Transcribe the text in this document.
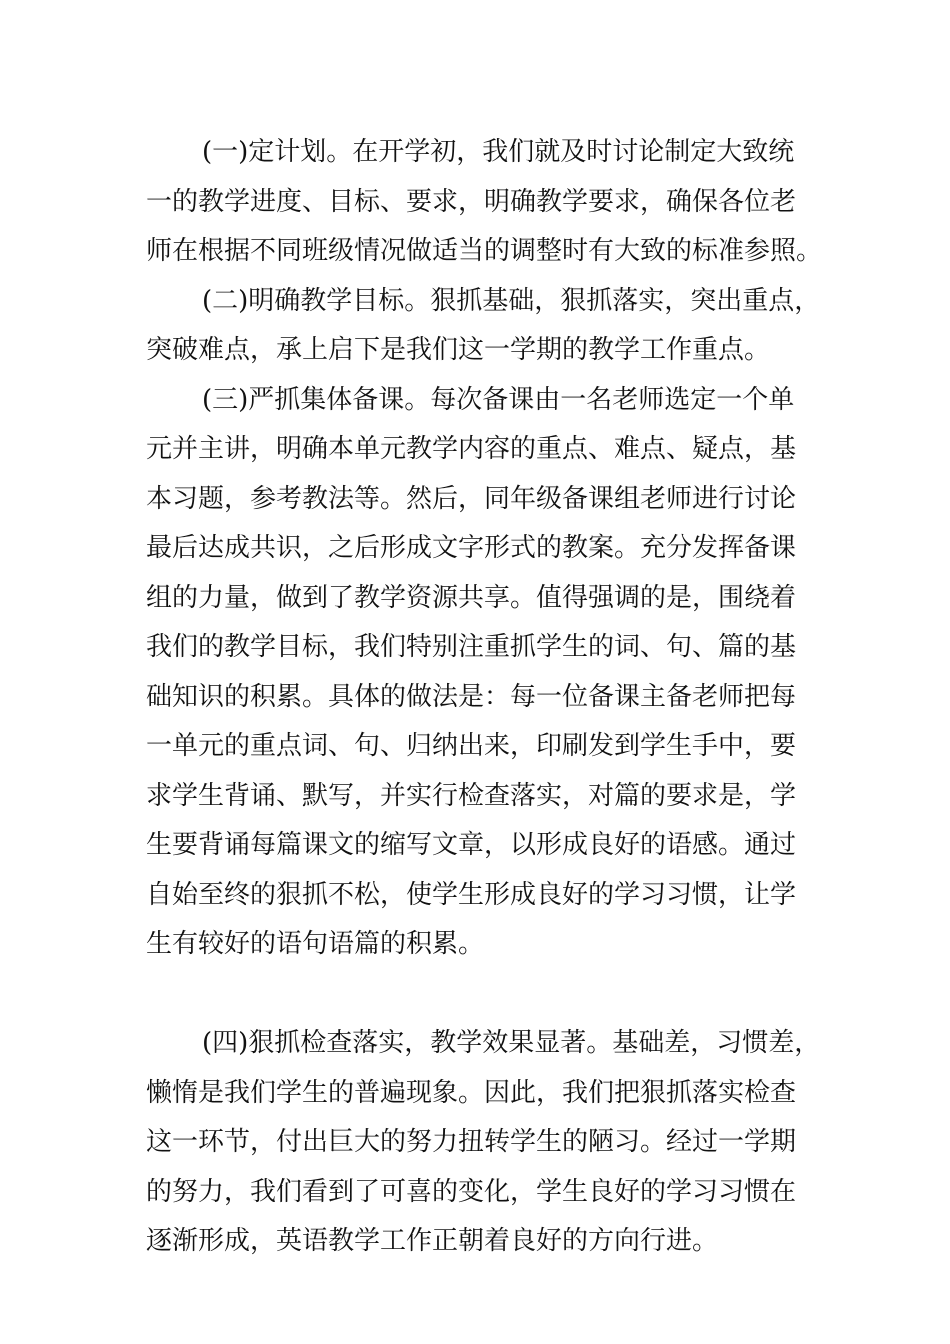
(一)定计划。在开学初，我们就及时讨论制定大致统
一的教学进度、目标、要求，明确教学要求，确保各位老
师在根据不同班级情况做适当的调整时有大致的标准参照。
(二)明确教学目标。狠抓基础，狠抓落实，突出重点，
突破难点，承上启下是我们这一学期的教学工作重点。
(三)严抓集体备课。每次备课由一名老师选定一个单
元并主讲，明确本单元教学内容的重点、难点、疑点，基
本习题，参考教法等。然后，同年级备课组老师进行讨论
最后达成共识，之后形成文字形式的教案。充分发挥备课
组的力量，做到了教学资源共享。值得强调的是，围绕着
我们的教学目标，我们特别注重抓学生的词、句、篇的基
础知识的积累。具体的做法是：每一位备课主备老师把每
一单元的重点词、句、归纳出来，印刷发到学生手中，要
求学生背诵、默写，并实行检查落实，对篇的要求是，学
生要背诵每篇课文的缩写文章，以形成良好的语感。通过
自始至终的狠抓不松，使学生形成良好的学习习惯，让学
生有较好的语句语篇的积累。
(四)狠抓检查落实，教学效果显著。基础差，习惯差，
懒惰是我们学生的普遍现象。因此，我们把狠抓落实检查
这一环节，付出巨大的努力扭转学生的陋习。经过一学期
的努力，我们看到了可喜的变化，学生良好的学习习惯在
逐渐形成，英语教学工作正朝着良好的方向行进。
